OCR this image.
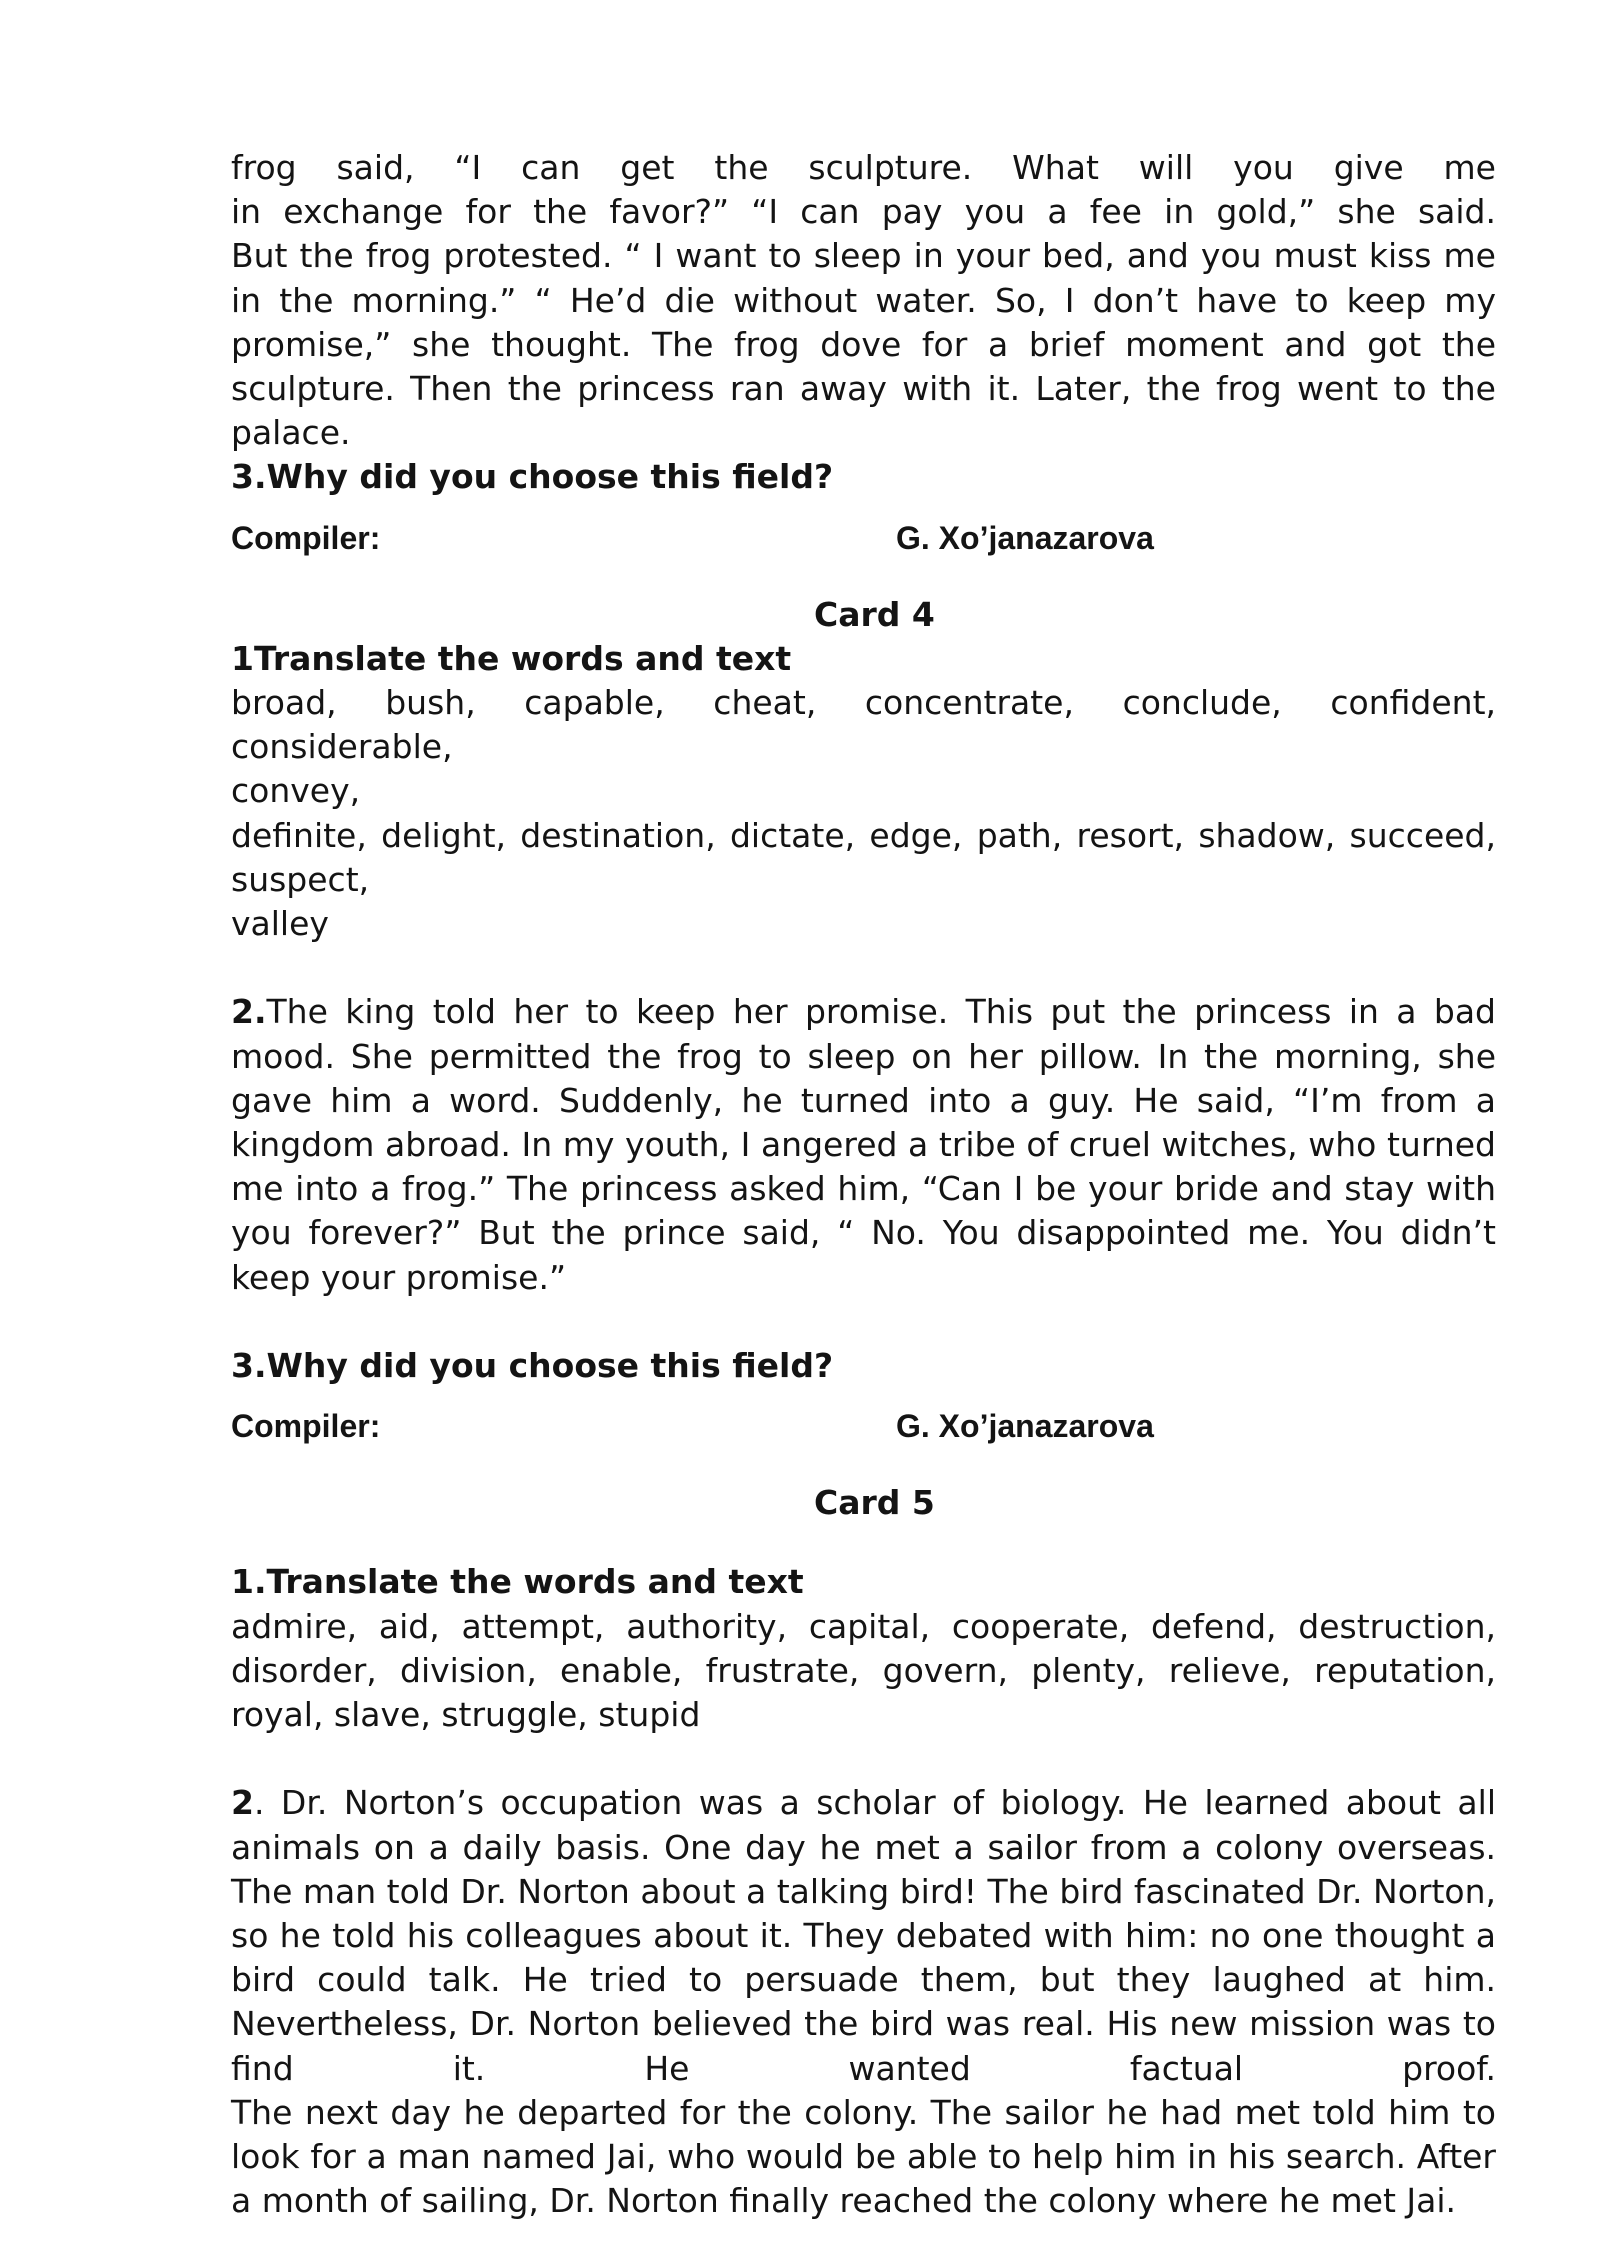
frog said, “I can get the sculpture. What will you give me

in exchange for the favor?” “I can pay you a fee in gold,” she said.

But the frog protested. “ I want to sleep in your bed, and you must kiss me in the morning.” “ He’d die without water. So, I don’t have to keep my promise,” she thought. The frog dove for a brief moment and got the sculpture. Then the princess ran away with it. Later, the frog went to the palace.

3.Why did you choose this field?

Compiler:	G. Xo’janazarova

Card 4

1Translate the words and text

broad, bush, capable, cheat, concentrate, conclude, confident, considerable,

convey,

definite, delight, destination, dictate, edge, path, resort, shadow, succeed, suspect,

valley

2.The king told her to keep her promise. This put the princess in a bad mood. She permitted the frog to sleep on her pillow. In the morning, she gave him a word. Suddenly, he turned into a guy. He said, “I’m from a kingdom abroad. In my youth, I angered a tribe of cruel witches, who turned me into a frog.” The princess asked him, “Can I be your bride and stay with you forever?” But the prince said, “ No. You disappointed me. You didn’t keep your promise.”

3.Why did you choose this field?

Compiler:	G. Xo’janazarova

Card 5

1.Translate the words and text

admire, aid, attempt, authority, capital, cooperate, defend, destruction, disorder, division, enable, frustrate, govern, plenty, relieve, reputation, royal, slave, struggle, stupid

2. Dr. Norton’s occupation was a scholar of biology. He learned about all animals on a daily basis. One day he met a sailor from a colony overseas. The man told Dr. Norton about a talking bird! The bird fascinated Dr. Norton, so he told his colleagues about it. They debated with him: no one thought a bird could talk. He tried to persuade them, but they laughed at him. Nevertheless, Dr. Norton believed the bird was real. His new mission was to find it. He wanted factual proof.

The next day he departed for the colony. The sailor he had met told him to look for a man named Jai, who would be able to help him in his search. After a month of sailing, Dr. Norton finally reached the colony where he met Jai.
